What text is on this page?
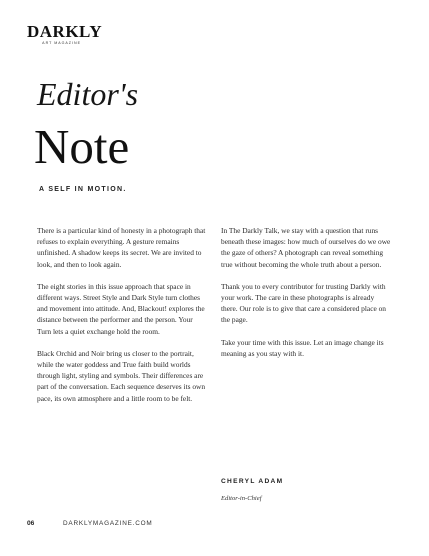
DARKLY
ART MAGAZINE
Editor's
Note
A SELF IN MOTION.

There is a particular kind of honesty in a photograph that refuses to explain everything. A gesture remains unfinished. A shadow keeps its secret. We are invited to look, and then to look again.

The eight stories in this issue approach that space in different ways. Street Style and Dark Style turn clothes and movement into attitude. And, Blackout! explores the distance between the performer and the person. Your Turn lets a quiet exchange hold the room.

Black Orchid and Noir bring us closer to the portrait, while the water goddess and True faith build worlds through light, styling and symbols. Their differences are part of the conversation. Each sequence deserves its own pace, its own atmosphere and a little room to be felt.

In The Darkly Talk, we stay with a question that runs beneath these images: how much of ourselves do we owe the gaze of others? A photograph can reveal something true without becoming the whole truth about a person.

Thank you to every contributor for trusting Darkly with your work. The care in these photographs is already there. Our role is to give that care a considered place on the page.

Take your time with this issue. Let an image change its meaning as you stay with it.

CHERYL ADAM
Editor-in-Chief
06	DARKLYMAGAZINE.COM
